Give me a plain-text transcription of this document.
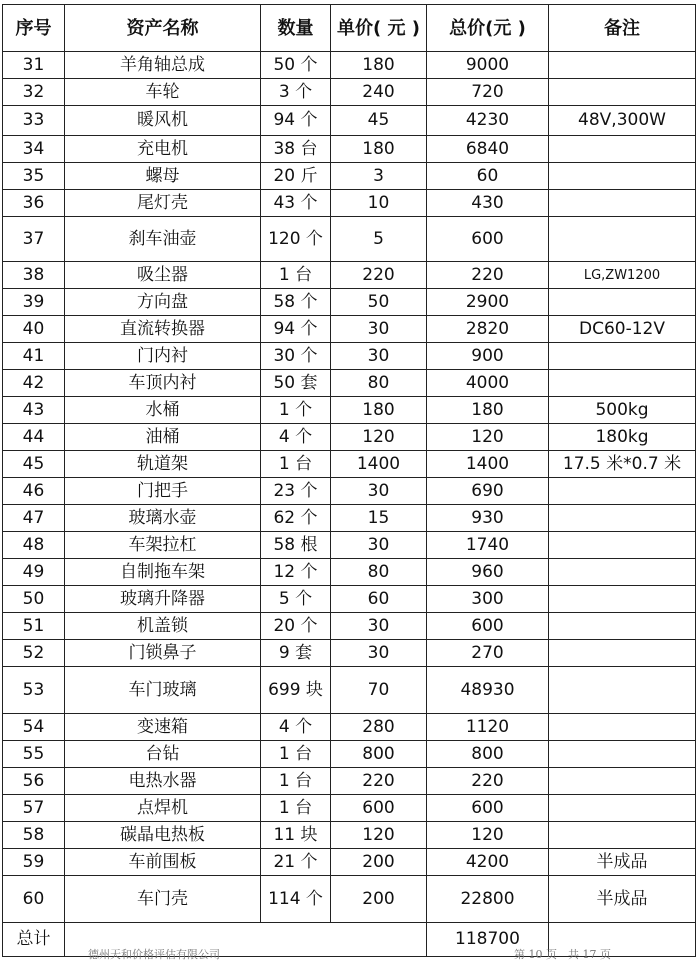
序号	资产名称	数量	单价( 元 )	总价(元 )	备注
31	羊角轴总成	50 个	180	9000	
32	车轮	3 个	240	720	
33	暖风机	94 个	45	4230	48V,300W
34	充电机	38 台	180	6840	
35	螺母	20 斤	3	60	
36	尾灯壳	43 个	10	430	
37	刹车油壶	120 个	5	600	
38	吸尘器	1 台	220	220	LG,ZW1200
39	方向盘	58 个	50	2900	
40	直流转换器	94 个	30	2820	DC60-12V
41	门内衬	30 个	30	900	
42	车顶内衬	50 套	80	4000	
43	水桶	1 个	180	180	500kg
44	油桶	4 个	120	120	180kg
45	轨道架	1 台	1400	1400	17.5 米*0.7 米
46	门把手	23 个	30	690	
47	玻璃水壶	62 个	15	930	
48	车架拉杠	58 根	30	1740	
49	自制拖车架	12 个	80	960	
50	玻璃升降器	5 个	60	300	
51	机盖锁	20 个	30	600	
52	门锁鼻子	9 套	30	270	
53	车门玻璃	699 块	70	48930	
54	变速箱	4 个	280	1120	
55	台钻	1 台	800	800	
56	电热水器	1 台	220	220	
57	点焊机	1 台	600	600	
58	碳晶电热板	11 块	120	120	
59	车前围板	21 个	200	4200	半成品
60	车门壳	114 个	200	22800	半成品
总计				118700	
德州天和价格评估有限公司	第 10 页　共 17 页
